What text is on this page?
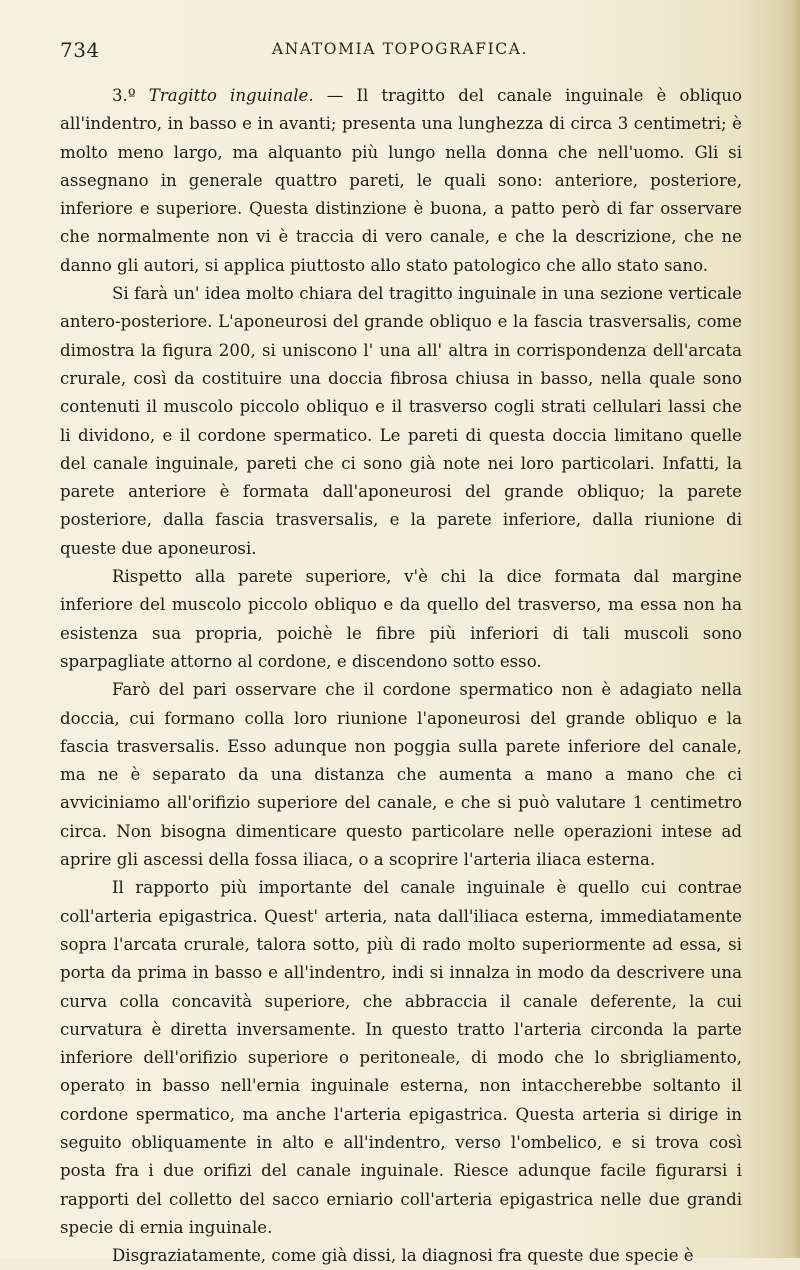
734	ANATOMIA TOPOGRAFICA.

3.º Tragitto inguinale. — Il tragitto del canale inguinale è obliquo all'indentro, in basso e in avanti; presenta una lunghezza di circa 3 centimetri; è molto meno largo, ma alquanto più lungo nella donna che nell'uomo. Gli si assegnano in generale quattro pareti, le quali sono: anteriore, posteriore, inferiore e superiore. Questa distinzione è buona, a patto però di far osservare che normalmente non vi è traccia di vero canale, e che la descrizione, che ne danno gli autori, si applica piuttosto allo stato patologico che allo stato sano.

Si farà un' idea molto chiara del tragitto inguinale in una sezione verticale antero-posteriore. L'aponeurosi del grande obliquo e la fascia trasversalis, come dimostra la figura 200, si uniscono l' una all' altra in corrispondenza dell'arcata crurale, così da costituire una doccia fibrosa chiusa in basso, nella quale sono contenuti il muscolo piccolo obliquo e il trasverso cogli strati cellulari lassi che li dividono, e il cordone spermatico. Le pareti di questa doccia limitano quelle del canale inguinale, pareti che ci sono già note nei loro particolari. Infatti, la parete anteriore è formata dall'aponeurosi del grande obliquo; la parete posteriore, dalla fascia trasversalis, e la parete inferiore, dalla riunione di queste due aponeurosi.

Rispetto alla parete superiore, v'è chi la dice formata dal margine inferiore del muscolo piccolo obliquo e da quello del trasverso, ma essa non ha esistenza sua propria, poichè le fibre più inferiori di tali muscoli sono sparpagliate attorno al cordone, e discendono sotto esso.

Farò del pari osservare che il cordone spermatico non è adagiato nella doccia, cui formano colla loro riunione l'aponeurosi del grande obliquo e la fascia trasversalis. Esso adunque non poggia sulla parete inferiore del canale, ma ne è separato da una distanza che aumenta a mano a mano che ci avviciniamo all'orifizio superiore del canale, e che si può valutare 1 centimetro circa. Non bisogna dimenticare questo particolare nelle operazioni intese ad aprire gli ascessi della fossa iliaca, o a scoprire l'arteria iliaca esterna.

Il rapporto più importante del canale inguinale è quello cui contrae coll'arteria epigastrica. Quest' arteria, nata dall'iliaca esterna, immediatamente sopra l'arcata crurale, talora sotto, più di rado molto superiormente ad essa, si porta da prima in basso e all'indentro, indi si innalza in modo da descrivere una curva colla concavità superiore, che abbraccia il canale deferente, la cui curvatura è diretta inversamente. In questo tratto l'arteria circonda la parte inferiore dell'orifizio superiore o peritoneale, di modo che lo sbrigliamento, operato in basso nell'ernia inguinale esterna, non intaccherebbe soltanto il cordone spermatico, ma anche l'arteria epigastrica. Questa arteria si dirige in seguito obliquamente in alto e all'indentro, verso l'ombelico, e si trova così posta fra i due orifizi del canale inguinale. Riesce adunque facile figurarsi i rapporti del colletto del sacco erniario coll'arteria epigastrica nelle due grandi specie di ernia inguinale.

Disgraziatamente, come già dissi, la diagnosi fra queste due specie è
